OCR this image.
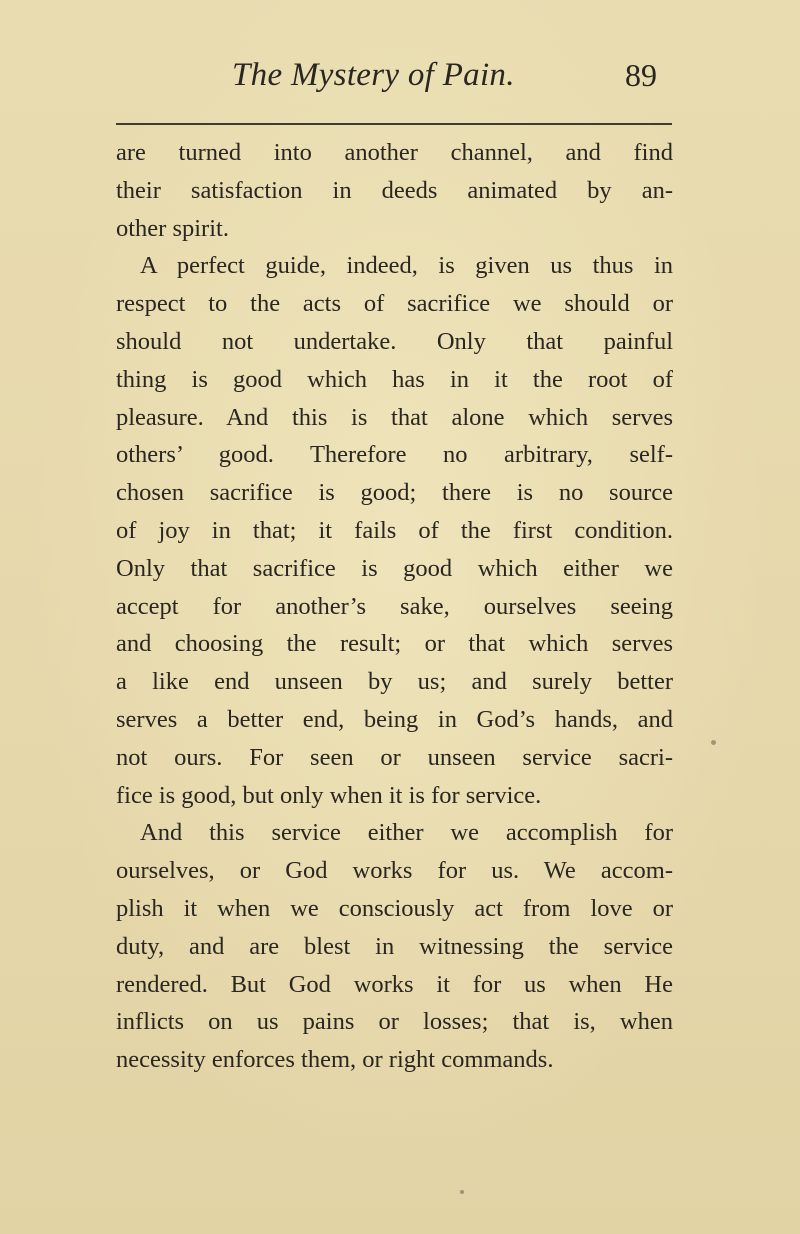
The Mystery of Pain.	89
are turned into another channel, and find
their satisfaction in deeds animated by an-
other spirit.
A perfect guide, indeed, is given us thus in
respect to the acts of sacrifice we should or
should not undertake. Only that painful
thing is good which has in it the root of
pleasure. And this is that alone which serves
others’ good. Therefore no arbitrary, self-
chosen sacrifice is good; there is no source
of joy in that; it fails of the first condition.
Only that sacrifice is good which either we
accept for another’s sake, ourselves seeing
and choosing the result; or that which serves
a like end unseen by us; and surely better
serves a better end, being in God’s hands, and
not ours. For seen or unseen service sacri-
fice is good, but only when it is for service.
And this service either we accomplish for
ourselves, or God works for us. We accom-
plish it when we consciously act from love or
duty, and are blest in witnessing the service
rendered. But God works it for us when He
inflicts on us pains or losses; that is, when
necessity enforces them, or right commands.
